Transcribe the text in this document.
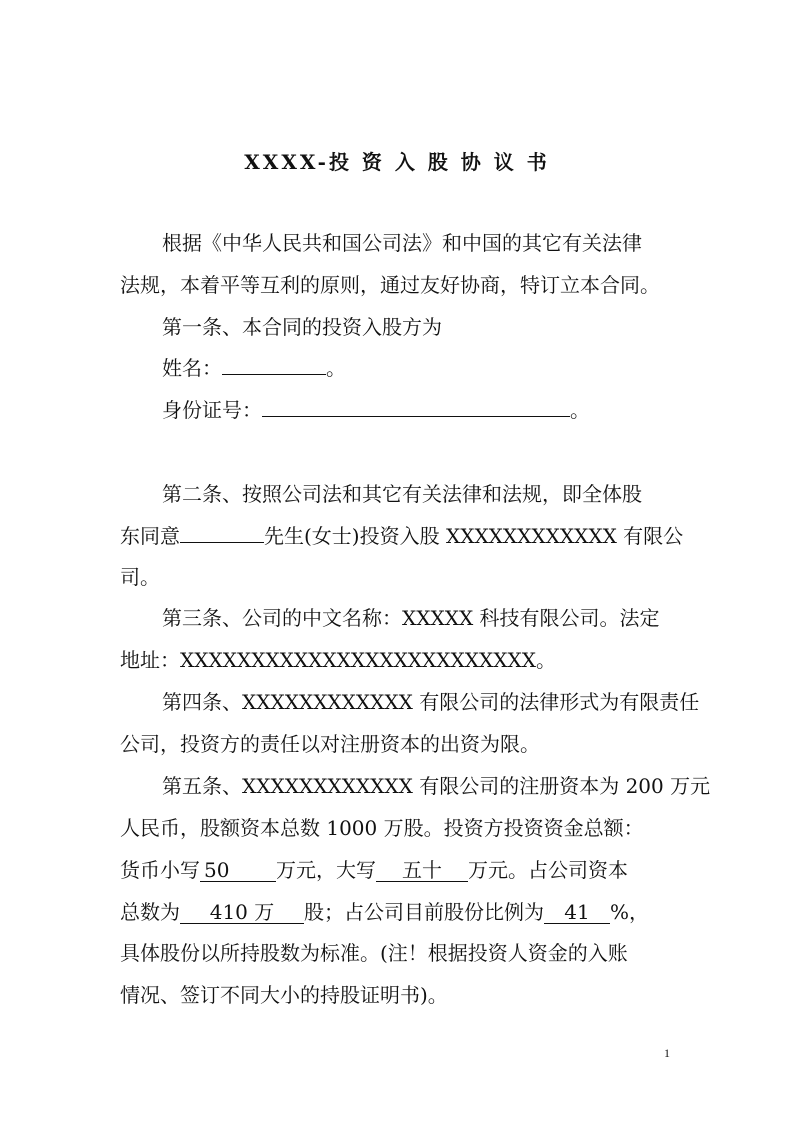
XXXX-投 资 入 股 协 议 书
根据《中华人民共和国公司法》和中国的其它有关法律
法规，本着平等互利的原则，通过友好协商，特订立本合同。
第一条、本合同的投资入股方为
姓名：	。
身份证号：	。
第二条、按照公司法和其它有关法律和法规，即全体股
东同意	先生(女士)投资入股 XXXXXXXXXXXX 有限公
司。
第三条、公司的中文名称：XXXXX 科技有限公司。法定
地址：XXXXXXXXXXXXXXXXXXXXXXXXX。
第四条、XXXXXXXXXXXX 有限公司的法律形式为有限责任
公司，投资方的责任以对注册资本的出资为限。
第五条、XXXXXXXXXXXX 有限公司的注册资本为 200 万元
人民币，股额资本总数 1000 万股。投资方投资资金总额：
货币小写 50 万元，大写 五十 万元。占公司资本
总数为 410 万 股；占公司目前股份比例为 41 %，
具体股份以所持股数为标准。(注！根据投资人资金的入账
情况、签订不同大小的持股证明书)。
1
